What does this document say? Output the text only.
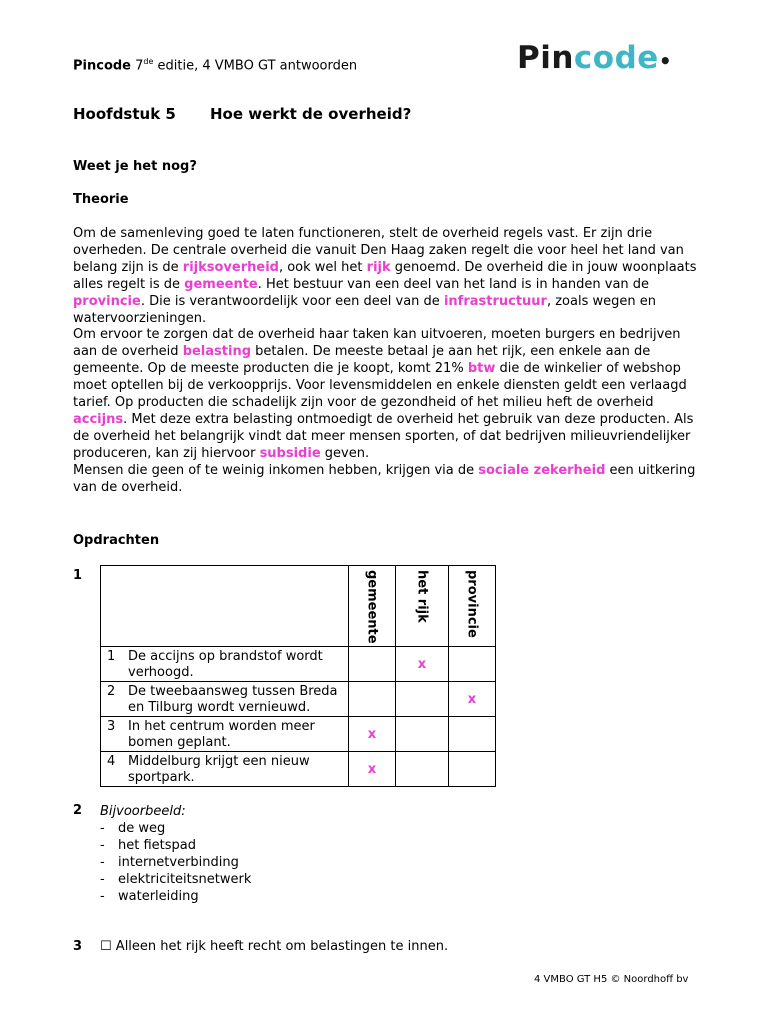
Pincode 7de editie, 4 VMBO GT antwoorden	Pincode•
Hoofdstuk 5 Hoe werkt de overheid?
Weet je het nog?
Theorie
Om de samenleving goed te laten functioneren, stelt de overheid regels vast. Er zijn drie overheden. De centrale overheid die vanuit Den Haag zaken regelt die voor heel het land van belang zijn is de rijksoverheid, ook wel het rijk genoemd. De overheid die in jouw woonplaats alles regelt is de gemeente. Het bestuur van een deel van het land is in handen van de provincie. Die is verantwoordelijk voor een deel van de infrastructuur, zoals wegen en watervoorzieningen.
Om ervoor te zorgen dat de overheid haar taken kan uitvoeren, moeten burgers en bedrijven aan de overheid belasting betalen. De meeste betaal je aan het rijk, een enkele aan de gemeente. Op de meeste producten die je koopt, komt 21% btw die de winkelier of webshop moet optellen bij de verkoopprijs. Voor levensmiddelen en enkele diensten geldt een verlaagd tarief. Op producten die schadelijk zijn voor de gezondheid of het milieu heft de overheid accijns. Met deze extra belasting ontmoedigt de overheid het gebruik van deze producten. Als de overheid het belangrijk vindt dat meer mensen sporten, of dat bedrijven milieuvriendelijker produceren, kan zij hiervoor subsidie geven.
Mensen die geen of te weinig inkomen hebben, krijgen via de sociale zekerheid een uitkering van de overheid.
Opdrachten
1

	gemeente	het rijk	provincie

1 De accijns op brandstof wordt verhoogd.		x	

2 De tweebaansweg tussen Breda en Tilburg wordt vernieuwd.			x

3 In het centrum worden meer bomen geplant.	x		

4 Middelburg krijgt een nieuw sportpark.	x		
2 Bijvoorbeeld:
-	de weg
-	het fietspad
-	internetverbinding
-	elektriciteitsnetwerk
-	waterleiding
3 ☐ Alleen het rijk heeft recht om belastingen te innen.
4 VMBO GT H5 © Noordhoff bv
